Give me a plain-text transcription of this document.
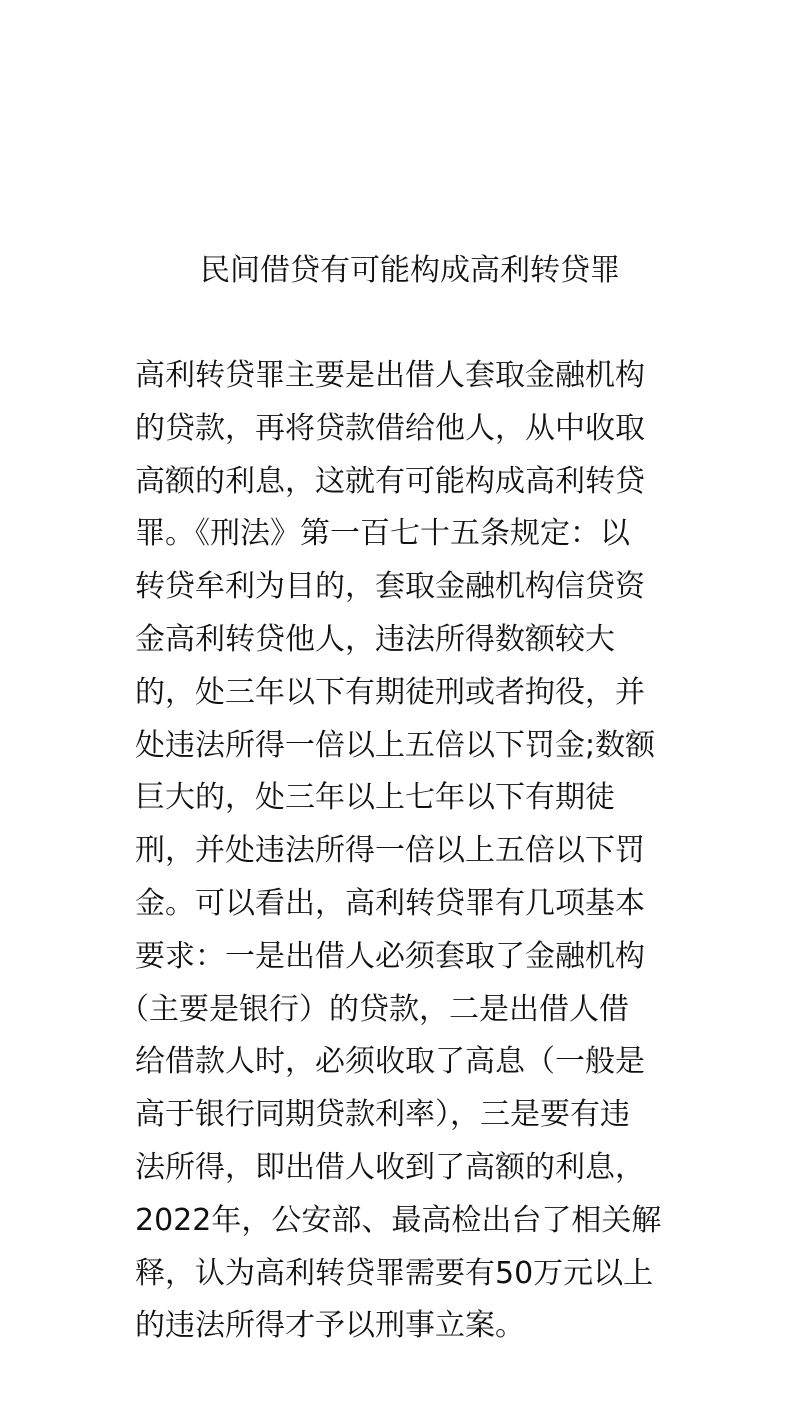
民间借贷有可能构成高利转贷罪
高利转贷罪主要是出借人套取金融机构
的贷款，再将贷款借给他人，从中收取
高额的利息，这就有可能构成高利转贷
罪。《刑法》第一百七十五条规定：以
转贷牟利为目的，套取金融机构信贷资
金高利转贷他人，违法所得数额较大
的，处三年以下有期徒刑或者拘役，并
处违法所得一倍以上五倍以下罚金;数额
巨大的，处三年以上七年以下有期徒
刑，并处违法所得一倍以上五倍以下罚
金。可以看出，高利转贷罪有几项基本
要求：一是出借人必须套取了金融机构
（主要是银行）的贷款，二是出借人借
给借款人时，必须收取了高息（一般是
高于银行同期贷款利率），三是要有违
法所得，即出借人收到了高额的利息，
2022年，公安部、最高检出台了相关解
释，认为高利转贷罪需要有50万元以上
的违法所得才予以刑事立案。
